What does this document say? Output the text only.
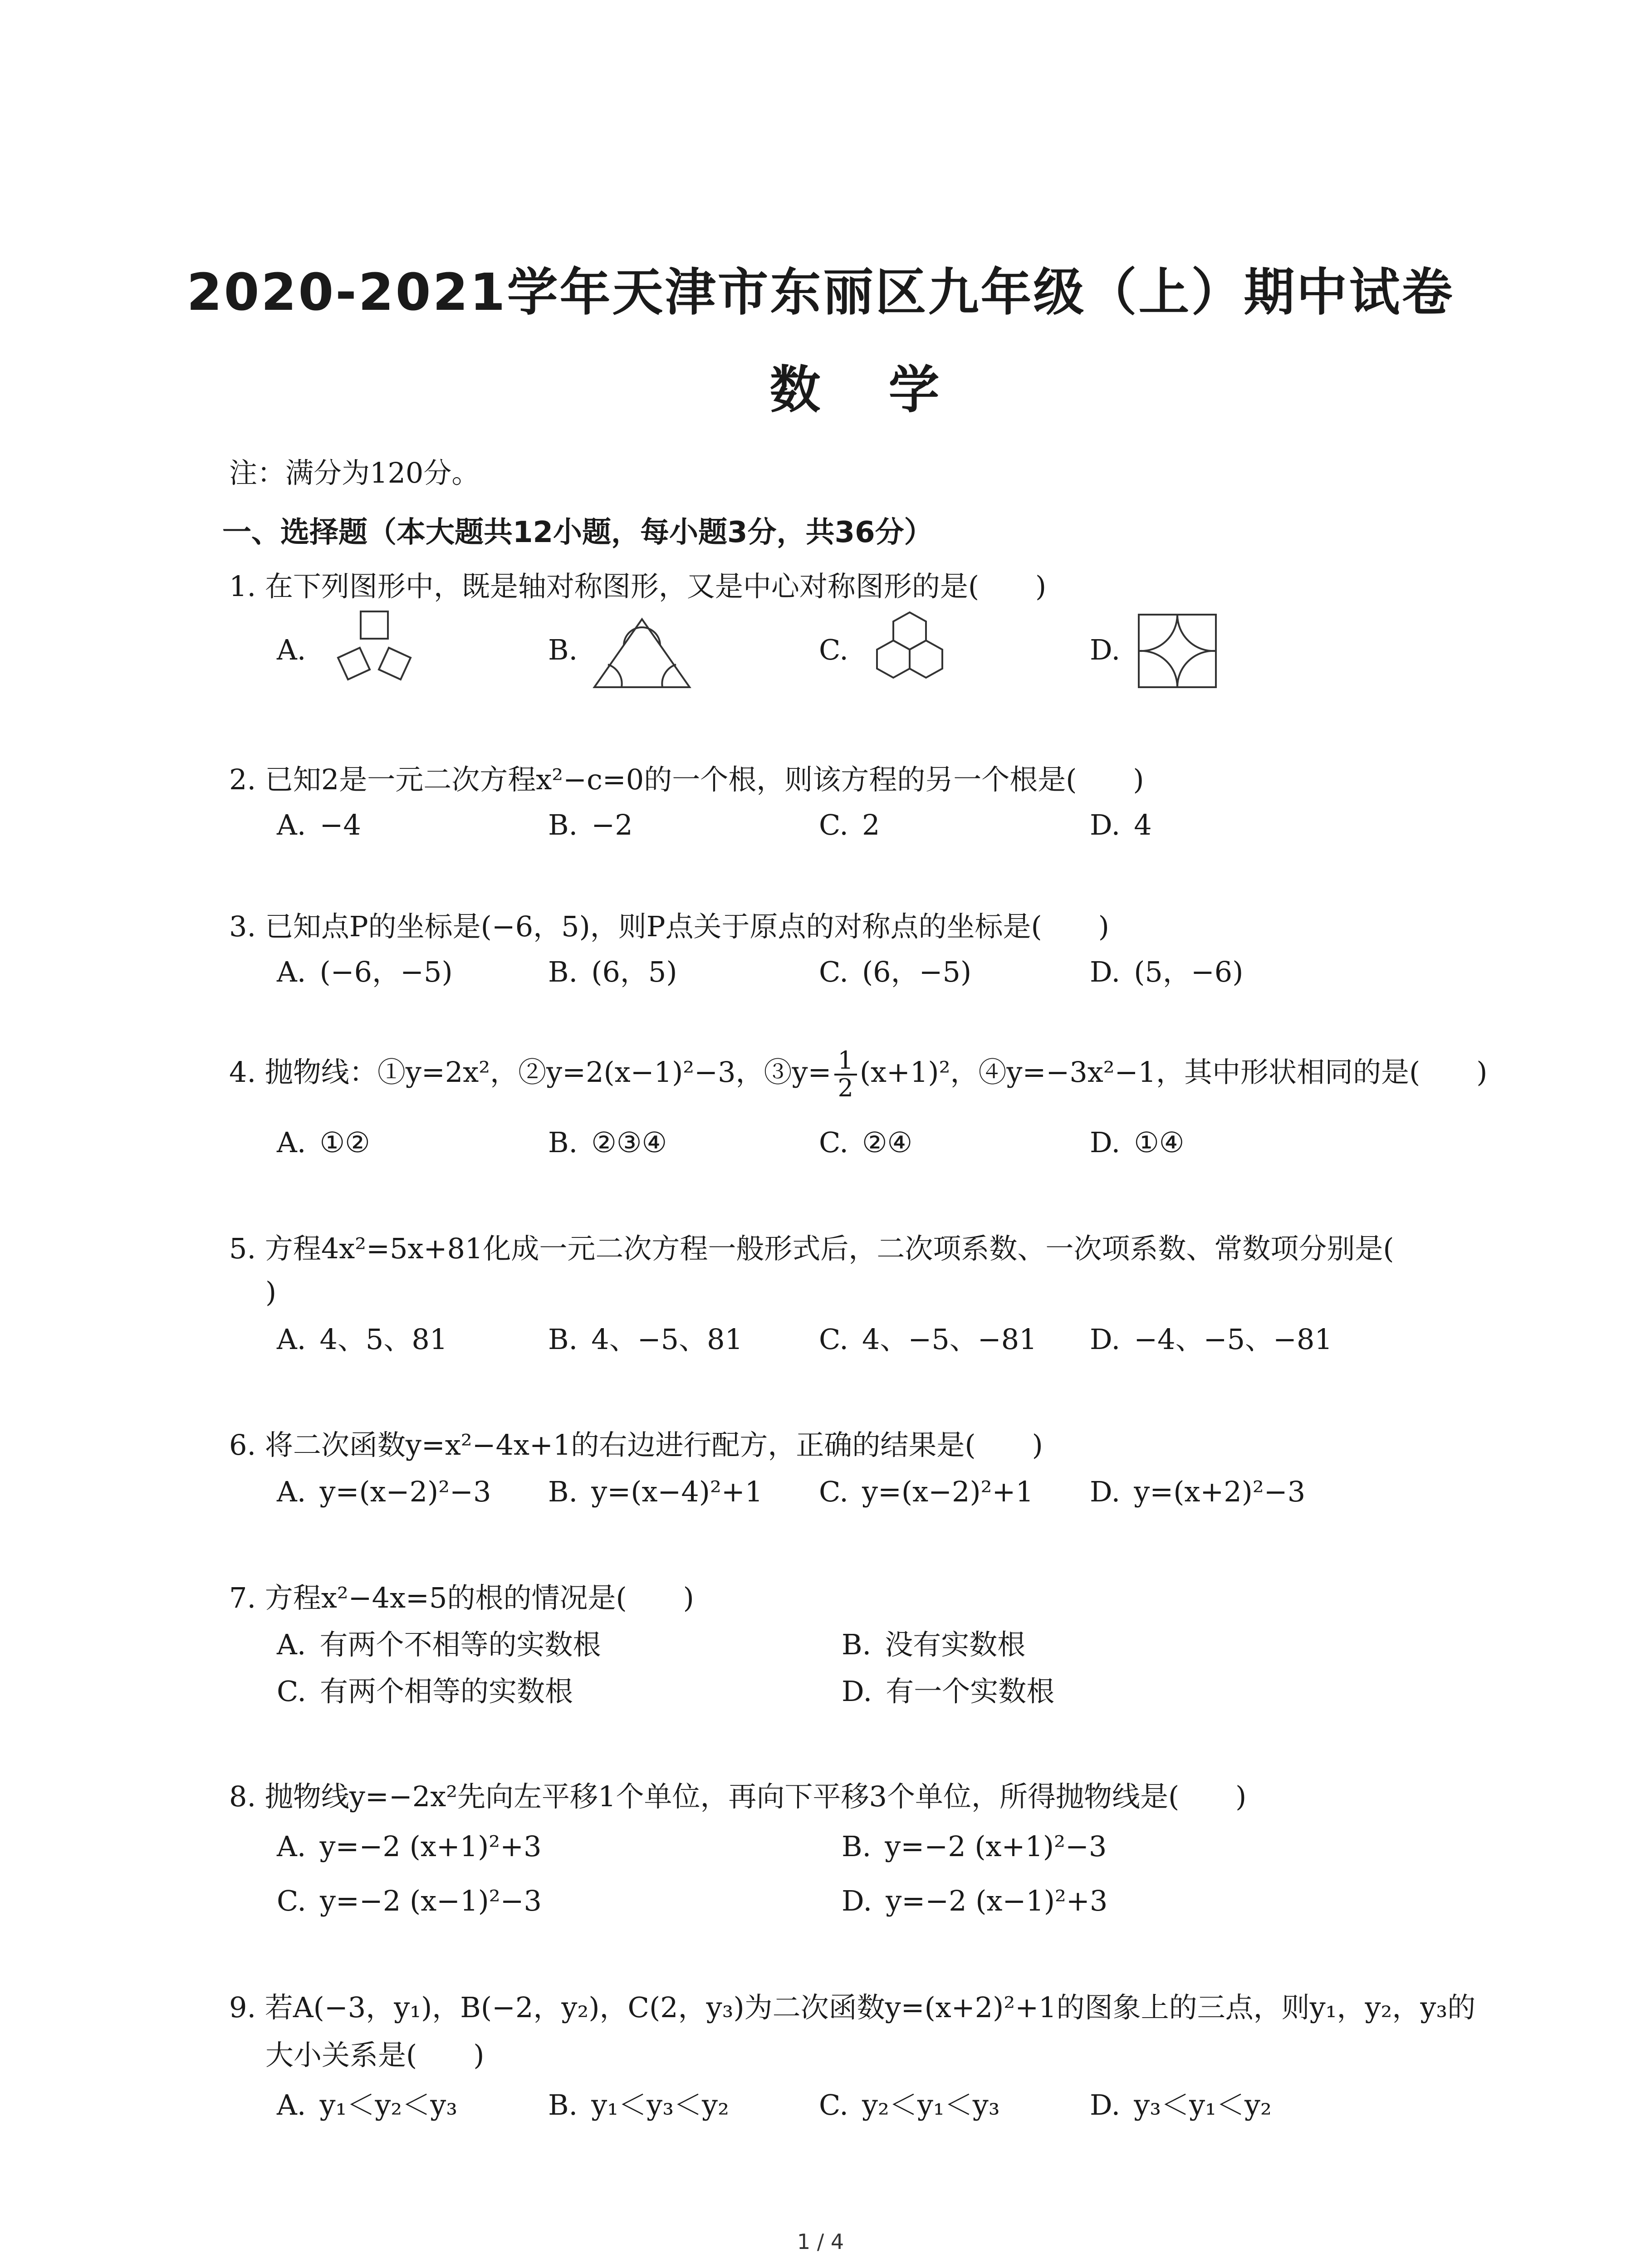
2020-2021学年天津市东丽区九年级（上）期中试卷
数学
注：满分为120分。
一、选择题（本大题共12小题，每小题3分，共36分）
1. 在下列图形中，既是轴对称图形，又是中心对称图形的是(　　)
A.	B.	C.	D.
2. 已知2是一元二次方程x²−c=0的一个根，则该方程的另一个根是(　　)
A. −4	B. −2	C. 2	D. 4
3. 已知点P的坐标是(−6，5)，则P点关于原点的对称点的坐标是(　　)
A. (−6，−5)	B. (6，5)	C. (6，−5)	D. (5，−6)
4. 抛物线：①y=2x²，②y=2(x−1)²−3，③y= $\frac{1}{2} (x+1)^2$，④y=−3x²−1，其中形状相同的是(　　)
A. ①②	B. ②③④	C. ②④	D. ①④
5. 方程4x²=5x+81化成一元二次方程一般形式后，二次项系数、一次项系数、常数项分别是(
)
A. 4、5、81	B. 4、−5、81	C. 4、−5、−81 D. −4、−5、−81
6. 将二次函数y=x²−4x+1的右边进行配方，正确的结果是(　　)
A. y=(x−2)²−3 B. y=(x−4)²+1 C. y=(x−2)²+1 D. y=(x+2)²−3
7. 方程x²−4x=5的根的情况是(　　)
A. 有两个不相等的实数根	B. 没有实数根
C. 有两个相等的实数根	D. 有一个实数根
8. 抛物线y=−2x²先向左平移1个单位，再向下平移3个单位，所得抛物线是(　　)
A. y=−2 (x+1)²+3	B. y=−2 (x+1)²−3
C. y=−2 (x−1)²−3	D. y=−2 (x−1)²+3
9. 若A(−3，y₁)，B(−2，y₂)，C(2，y₃)为二次函数y=(x+2)²+1的图象上的三点，则y₁，y₂，y₃的
大小关系是(　　)
A. y₁＜y₂＜y₃	B. y₁＜y₃＜y₂	C. y₂＜y₁＜y₃	D. y₃＜y₁＜y₂
1 / 4
